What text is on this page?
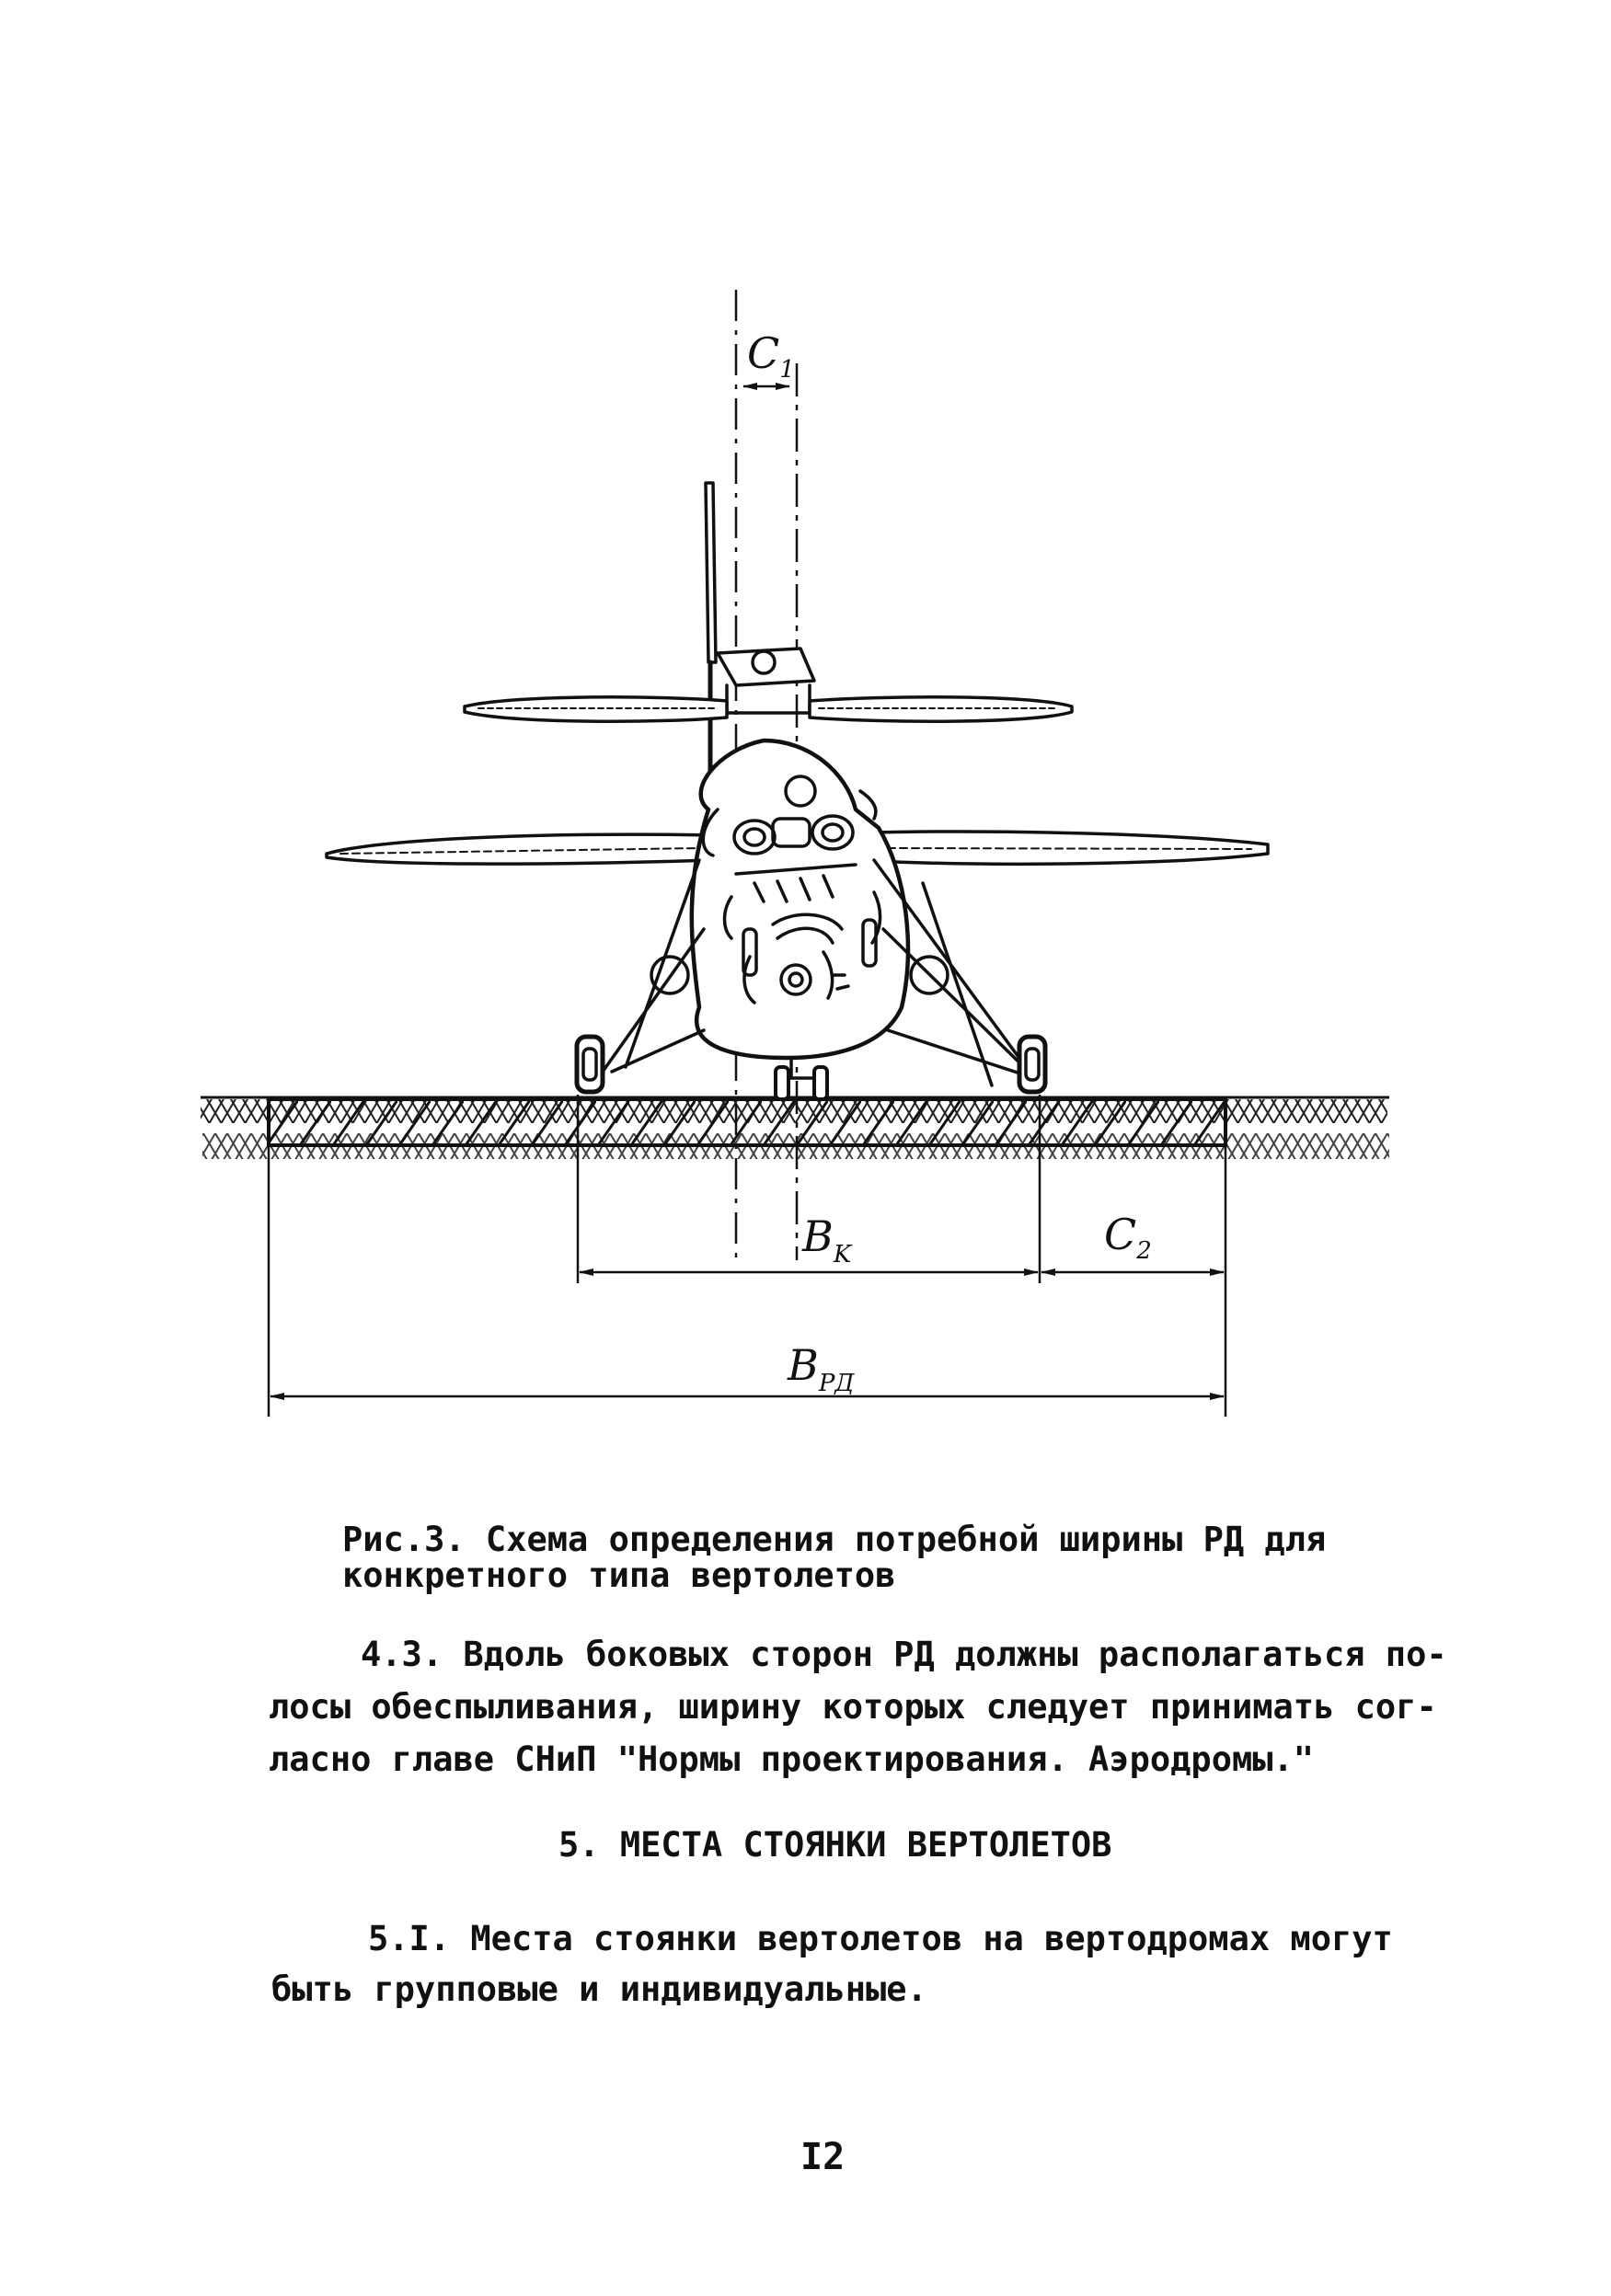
$C_1$
$B_K$	$C_2$
$B_{РД}$
Рис.3. Схема определения потребной ширины РД для
конкретного типа вертолетов
4.3. Вдоль боковых сторон РД должны располагаться по-
лосы обеспыливания, ширину которых следует принимать сог-
ласно главе СНиП "Нормы проектирования. Аэродромы."
5. МЕСТА СТОЯНКИ ВЕРТОЛЕТОВ
5.I. Места стоянки вертолетов на вертодромах могут
быть групповые и индивидуальные.
I2
